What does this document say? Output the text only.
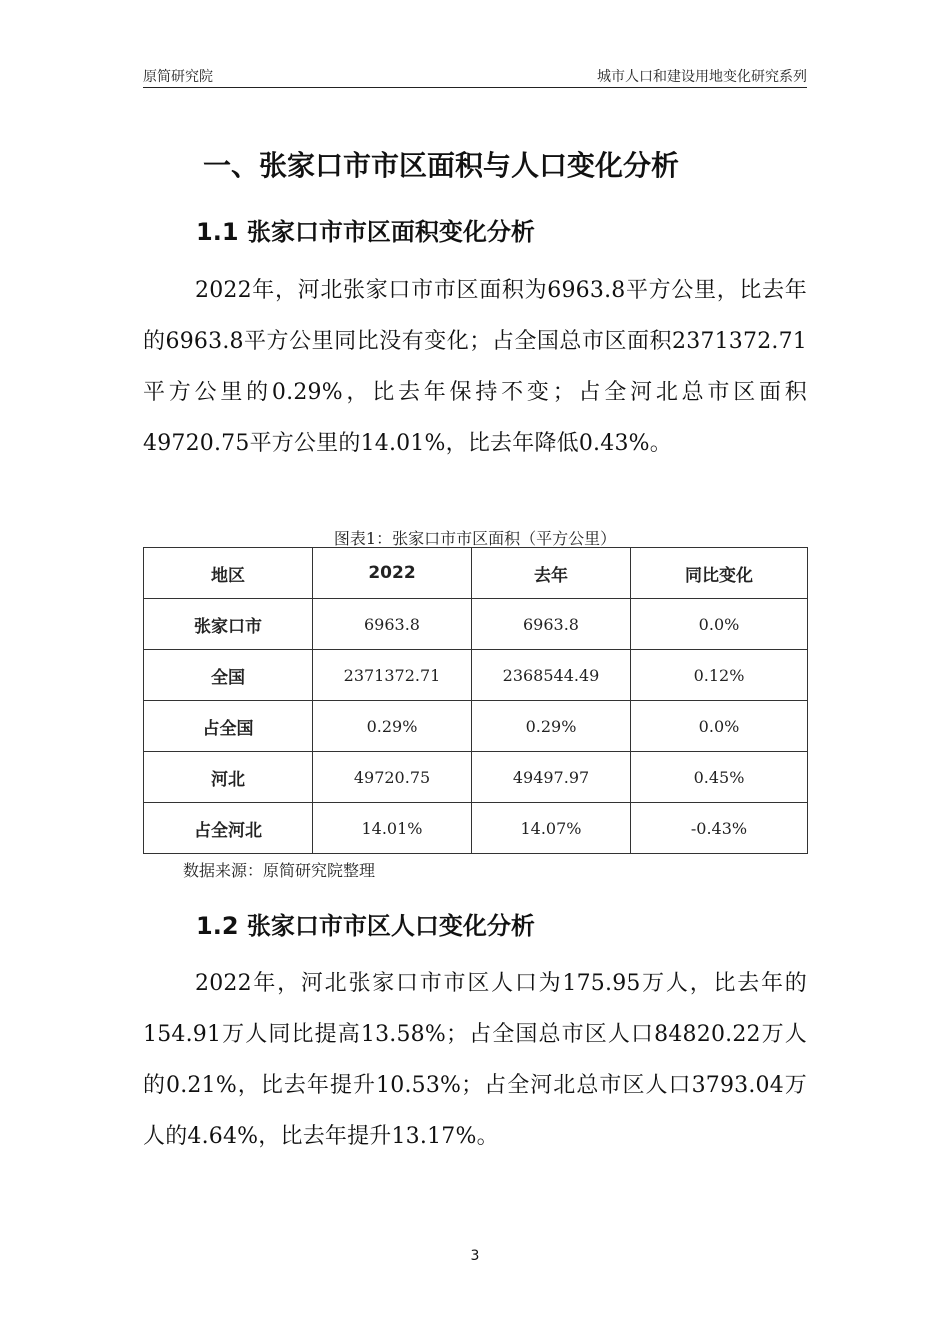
原简研究院	城市人口和建设用地变化研究系列
一、张家口市市区面积与人口变化分析
1.1 张家口市市区面积变化分析
2022年，河北张家口市市区面积为6963.8平方公里，比去年的6963.8平方公里同比没有变化；占全国总市区面积2371372.71平方公里的0.29%，比去年保持不变；占全河北总市区面积49720.75平方公里的14.01%，比去年降低0.43%。
图表1：张家口市市区面积（平方公里）
地区	2022	去年	同比变化
张家口市	6963.8	6963.8	0.0%
全国	2371372.71	2368544.49	0.12%
占全国	0.29%	0.29%	0.0%
河北	49720.75	49497.97	0.45%
占全河北	14.01%	14.07%	-0.43%
数据来源：原简研究院整理
1.2 张家口市市区人口变化分析
2022年，河北张家口市市区人口为175.95万人，比去年的154.91万人同比提高13.58%；占全国总市区人口84820.22万人的0.21%，比去年提升10.53%；占全河北总市区人口3793.04万人的4.64%，比去年提升13.17%。
3
